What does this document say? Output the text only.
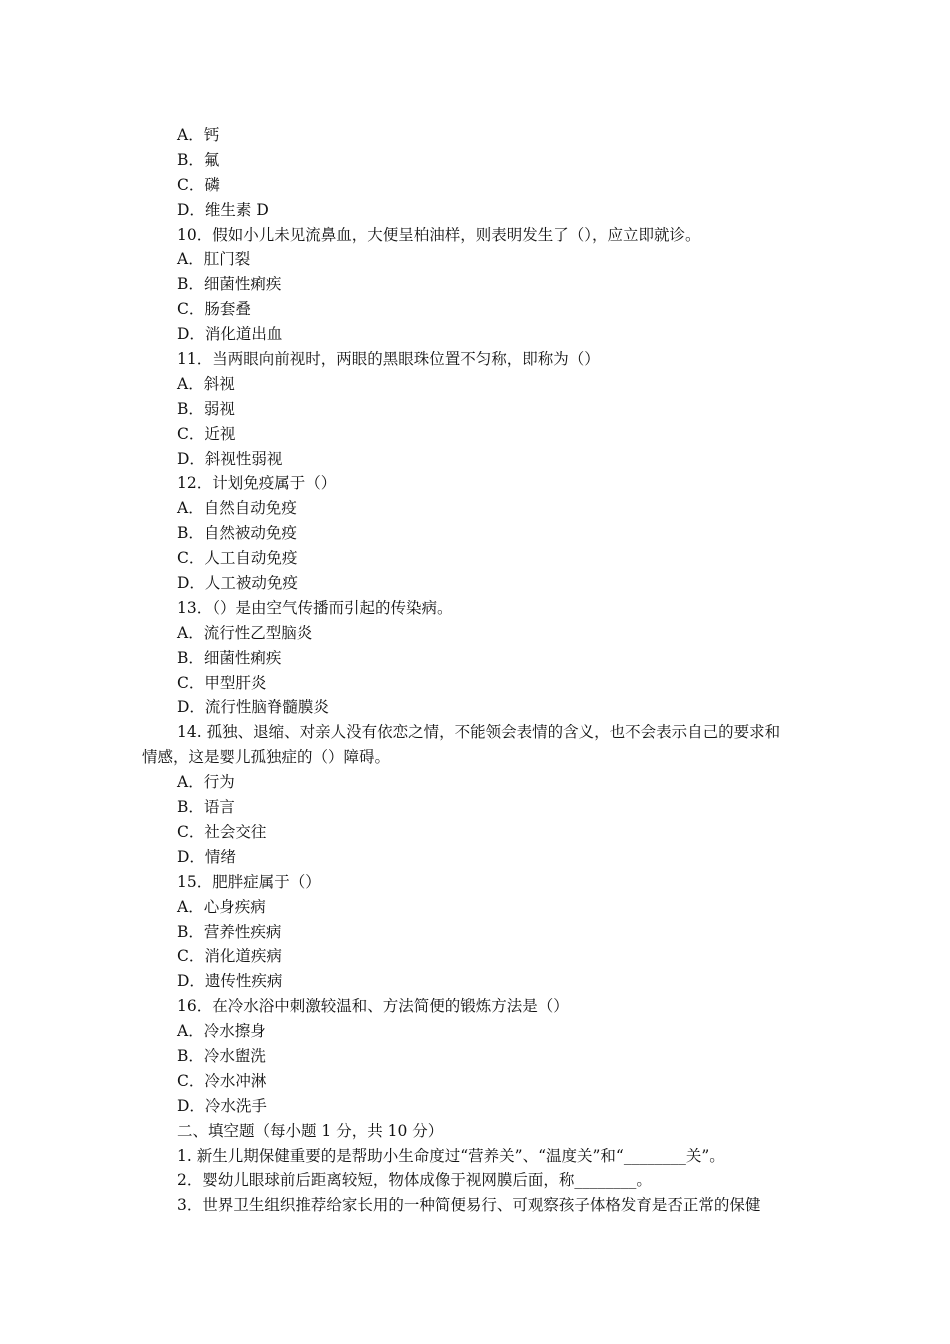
A．钙
B．氟
C．磷
D．维生素 D
10．假如小儿未见流鼻血，大便呈柏油样，则表明发生了（），应立即就诊。
A．肛门裂
B．细菌性痢疾
C．肠套叠
D．消化道出血
11．当两眼向前视时，两眼的黑眼珠位置不匀称，即称为（）
A．斜视
B．弱视
C．近视
D．斜视性弱视
12．计划免疫属于（）
A．自然自动免疫
B．自然被动免疫
C．人工自动免疫
D．人工被动免疫
13．（）是由空气传播而引起的传染病。
A．流行性乙型脑炎
B．细菌性痢疾
C．甲型肝炎
D．流行性脑脊髓膜炎
14. 孤独、退缩、对亲人没有依恋之情，不能领会表情的含义，也不会表示自己的要求和
情感，这是婴儿孤独症的（）障碍。
A．行为
B．语言
C．社会交往
D．情绪
15．肥胖症属于（）
A．心身疾病
B．营养性疾病
C．消化道疾病
D．遗传性疾病
16．在冷水浴中刺激较温和、方法简便的锻炼方法是（）
A．冷水擦身
B．冷水盥洗
C．冷水冲淋
D．冷水洗手
二、填空题（每小题 1 分，共 10 分）
1. 新生儿期保健重要的是帮助小生命度过“营养关”、“温度关”和“________关”。
2．婴幼儿眼球前后距离较短，物体成像于视网膜后面，称________。
3．世界卫生组织推荐给家长用的一种简便易行、可观察孩子体格发育是否正常的保健
